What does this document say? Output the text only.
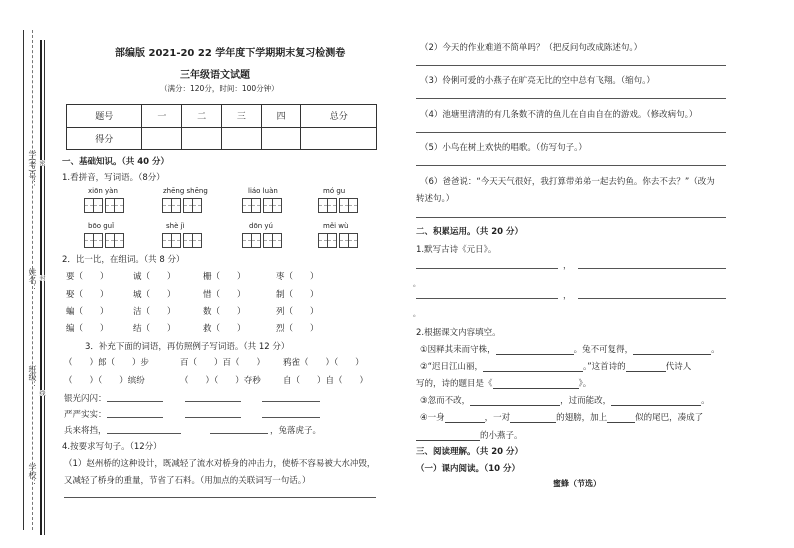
学(考)号：
姓名：
班级：
学校：
密
封
线
部编版 2021-20 22 学年度下学期期末复习检测卷
三年级语文试题
（满分：120分，时间：100分钟）
题号	一	二	三	四	总分
得分					
一、基础知识。（共 40 分）
1.看拼音，写词语。（8分）
xiōn yàn	zhēng shēng	liáo luàn	mó gu
bōo guǐ	shè jì	dōn yú	měi wù
2．比一比，在组词。（共 8 分）
要（　　）	诚（　　）	栅（　　）	枣（　　）
娶（　　）	城（　　）	惜（　　）	制（　　）
蝙（　　）	洁（　　）	数（　　）	列（　　）
编（　　）	结（　　）	救（　　）	烈（　　）
3．补充下面的词语，再仿照例子写词语。（共 12 分）
（　　）郎（　　）步	百（　　）百（　　） 鸦雀（　　）（　　）
（　　）（　　）缤纷	（　　）（　　）夺秒	自（　　）自（　　）
银光闪闪：
严严实实：
兵来将挡，	，兔落虎子。
4.按要求写句子。（12分）
（1）赵州桥的这种设计，既减轻了流水对桥身的冲击力，使桥不容易被大水冲毁，
又减轻了桥身的重量，节省了石料。（用加点的关联词写一句话。）
（2）今天的作业难道不简单吗？（把反问句改成陈述句。）
（3）伶俐可爱的小燕子在旷亮无比的空中总有飞翔。（缩句。）
（4）池塘里清清的有几条数不清的鱼儿在自由自在的游戏。（修改病句。）
（5）小鸟在树上欢快的唱歌。（仿写句子。）
（6）爸爸说：“今天天气很好，我打算带弟弟一起去钓鱼。你去不去？”（改为
转述句。）
二、积累运用。（共 20 分）
1.默写古诗《元日》。
，
。
，
。
2.根据课文内容填空。
①因释其耒而守株，	。兔不可复得，	。
②“迟日江山丽，	。”这首诗的	代诗人
写的，诗的题目是《	》。
③忽而不改，	，过而能改，	。
④一身	，一对	的翅膀，加上	似的尾巴，凑成了
的小燕子。
三、阅读理解。（共 20 分）
（一）课内阅读。（10 分）
蜜蜂（节选）
